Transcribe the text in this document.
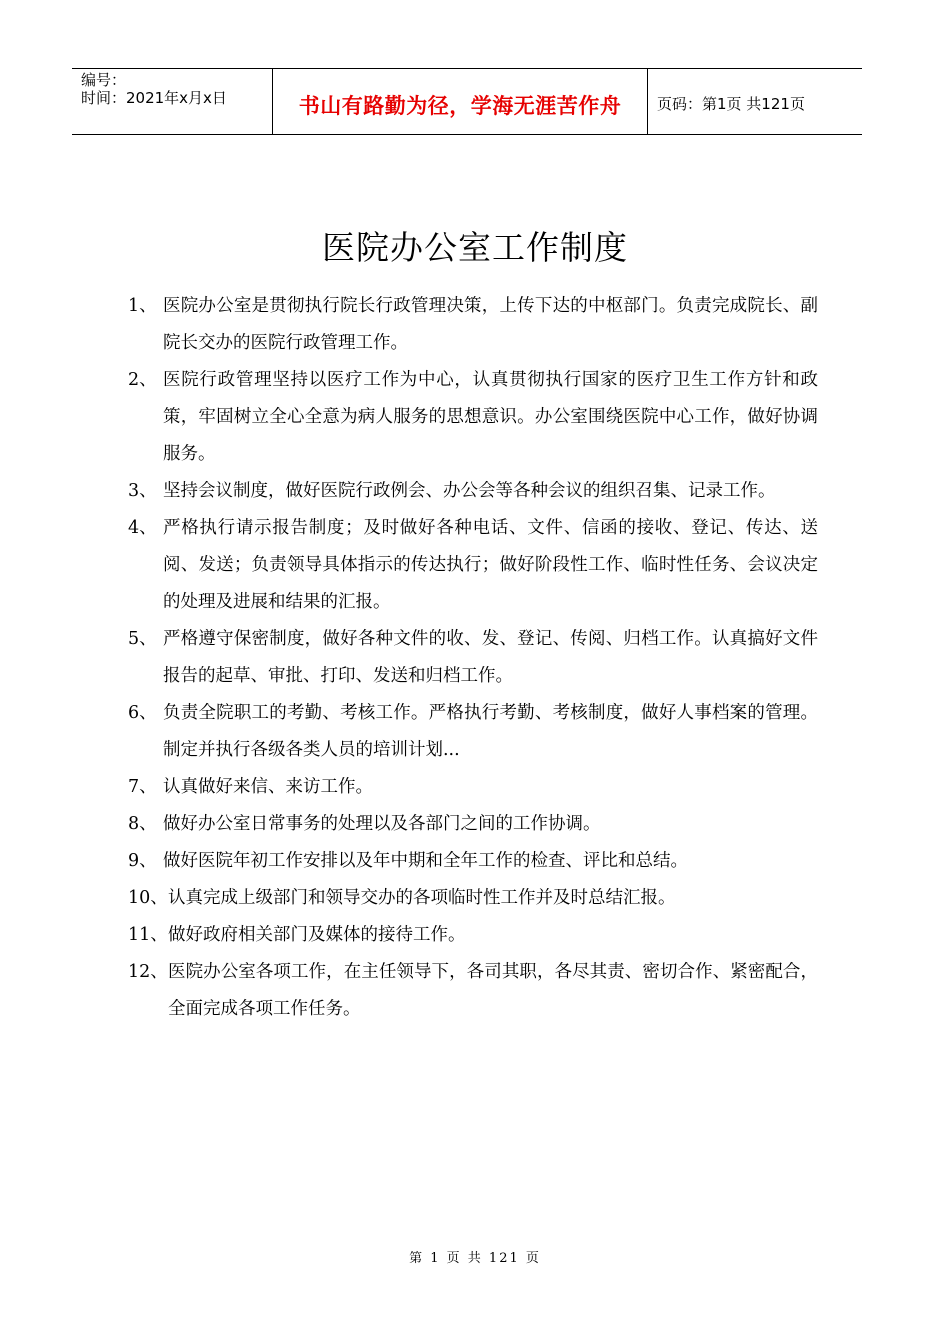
编号：
时间：2021年x月x日	书山有路勤为径，学海无涯苦作舟 页码：第1页 共121页
医院办公室工作制度
1、 医院办公室是贯彻执行院长行政管理决策，上传下达的中枢部门。负责完成院长、副院长交办的医院行政管理工作。
2、 医院行政管理坚持以医疗工作为中心，认真贯彻执行国家的医疗卫生工作方针和政策，牢固树立全心全意为病人服务的思想意识。办公室围绕医院中心工作，做好协调服务。
3、 坚持会议制度，做好医院行政例会、办公会等各种会议的组织召集、记录工作。
4、 严格执行请示报告制度；及时做好各种电话、文件、信函的接收、登记、传达、送阅、发送；负责领导具体指示的传达执行；做好阶段性工作、临时性任务、会议决定的处理及进展和结果的汇报。
5、 严格遵守保密制度，做好各种文件的收、发、登记、传阅、归档工作。认真搞好文件报告的起草、审批、打印、发送和归档工作。
6、 负责全院职工的考勤、考核工作。严格执行考勤、考核制度，做好人事档案的管理。制定并执行各级各类人员的培训计划...
7、 认真做好来信、来访工作。
8、 做好办公室日常事务的处理以及各部门之间的工作协调。
9、 做好医院年初工作安排以及年中期和全年工作的检查、评比和总结。
10、 认真完成上级部门和领导交办的各项临时性工作并及时总结汇报。
11、 做好政府相关部门及媒体的接待工作。
12、 医院办公室各项工作，在主任领导下，各司其职，各尽其责、密切合作、紧密配合，全面完成各项工作任务。
第 1 页 共 121 页
